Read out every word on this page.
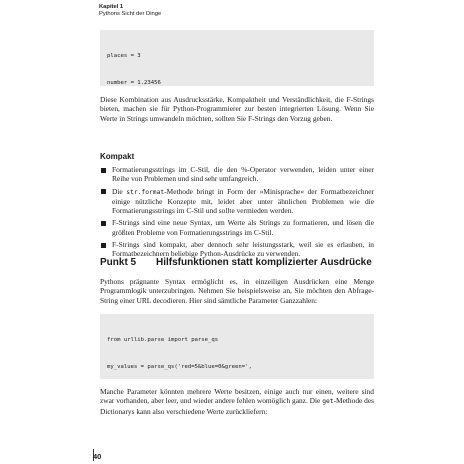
Kapitel 1
Pythons Sicht der Dinge

places = 3

number = 1.23456

Diese Kombination aus Ausdrucksstärke, Kompaktheit und Verständlichkeit, die F-Strings bieten, machen sie für Python-Programmierer zur besten integrierten Lösung. Wenn Sie Werte in Strings umwandeln möchten, sollten Sie F-Strings den Vorzug geben.

Kompakt
Formatierungsstrings im C-Stil, die den %-Operator verwenden, leiden unter einer Reihe von Problemen und sind sehr umfangreich.
Die str.format-Methode bringt in Form der »Minisprache« der Formatbezeichner einige nützliche Konzepte mit, leidet aber unter ähnlichen Problemen wie die Formatierungsstrings im C-Stil und sollte vermieden werden.
F-Strings sind eine neue Syntax, um Werte als Strings zu formatieren, und lösen die größten Probleme von Formatierungsstrings im C-Stil.
F-Strings sind kompakt, aber dennoch sehr leistungsstark, weil sie es erlauben, in Formatbezeichnern beliebige Python-Ausdrücke zu verwenden.
Punkt 5 Hilfsfunktionen statt komplizierter Ausdrücke

Pythons prägnante Syntax ermöglicht es, in einzeiligen Ausdrücken eine Menge Programmlogik unterzubringen. Nehmen Sie beispielsweise an, Sie möchten den Abfrage-String einer URL decodieren. Hier sind sämtliche Parameter Ganzzahlen:

from urllib.parse import parse_qs

my_values = parse_qs('red=5&blue=0&green=',

Manche Parameter könnten mehrere Werte besitzen, einige auch nur einen, weitere sind zwar vorhanden, aber leer, und wieder andere fehlen womöglich ganz. Die get-Methode des Dictionarys kann also verschiedene Werte zurückliefern:

40
